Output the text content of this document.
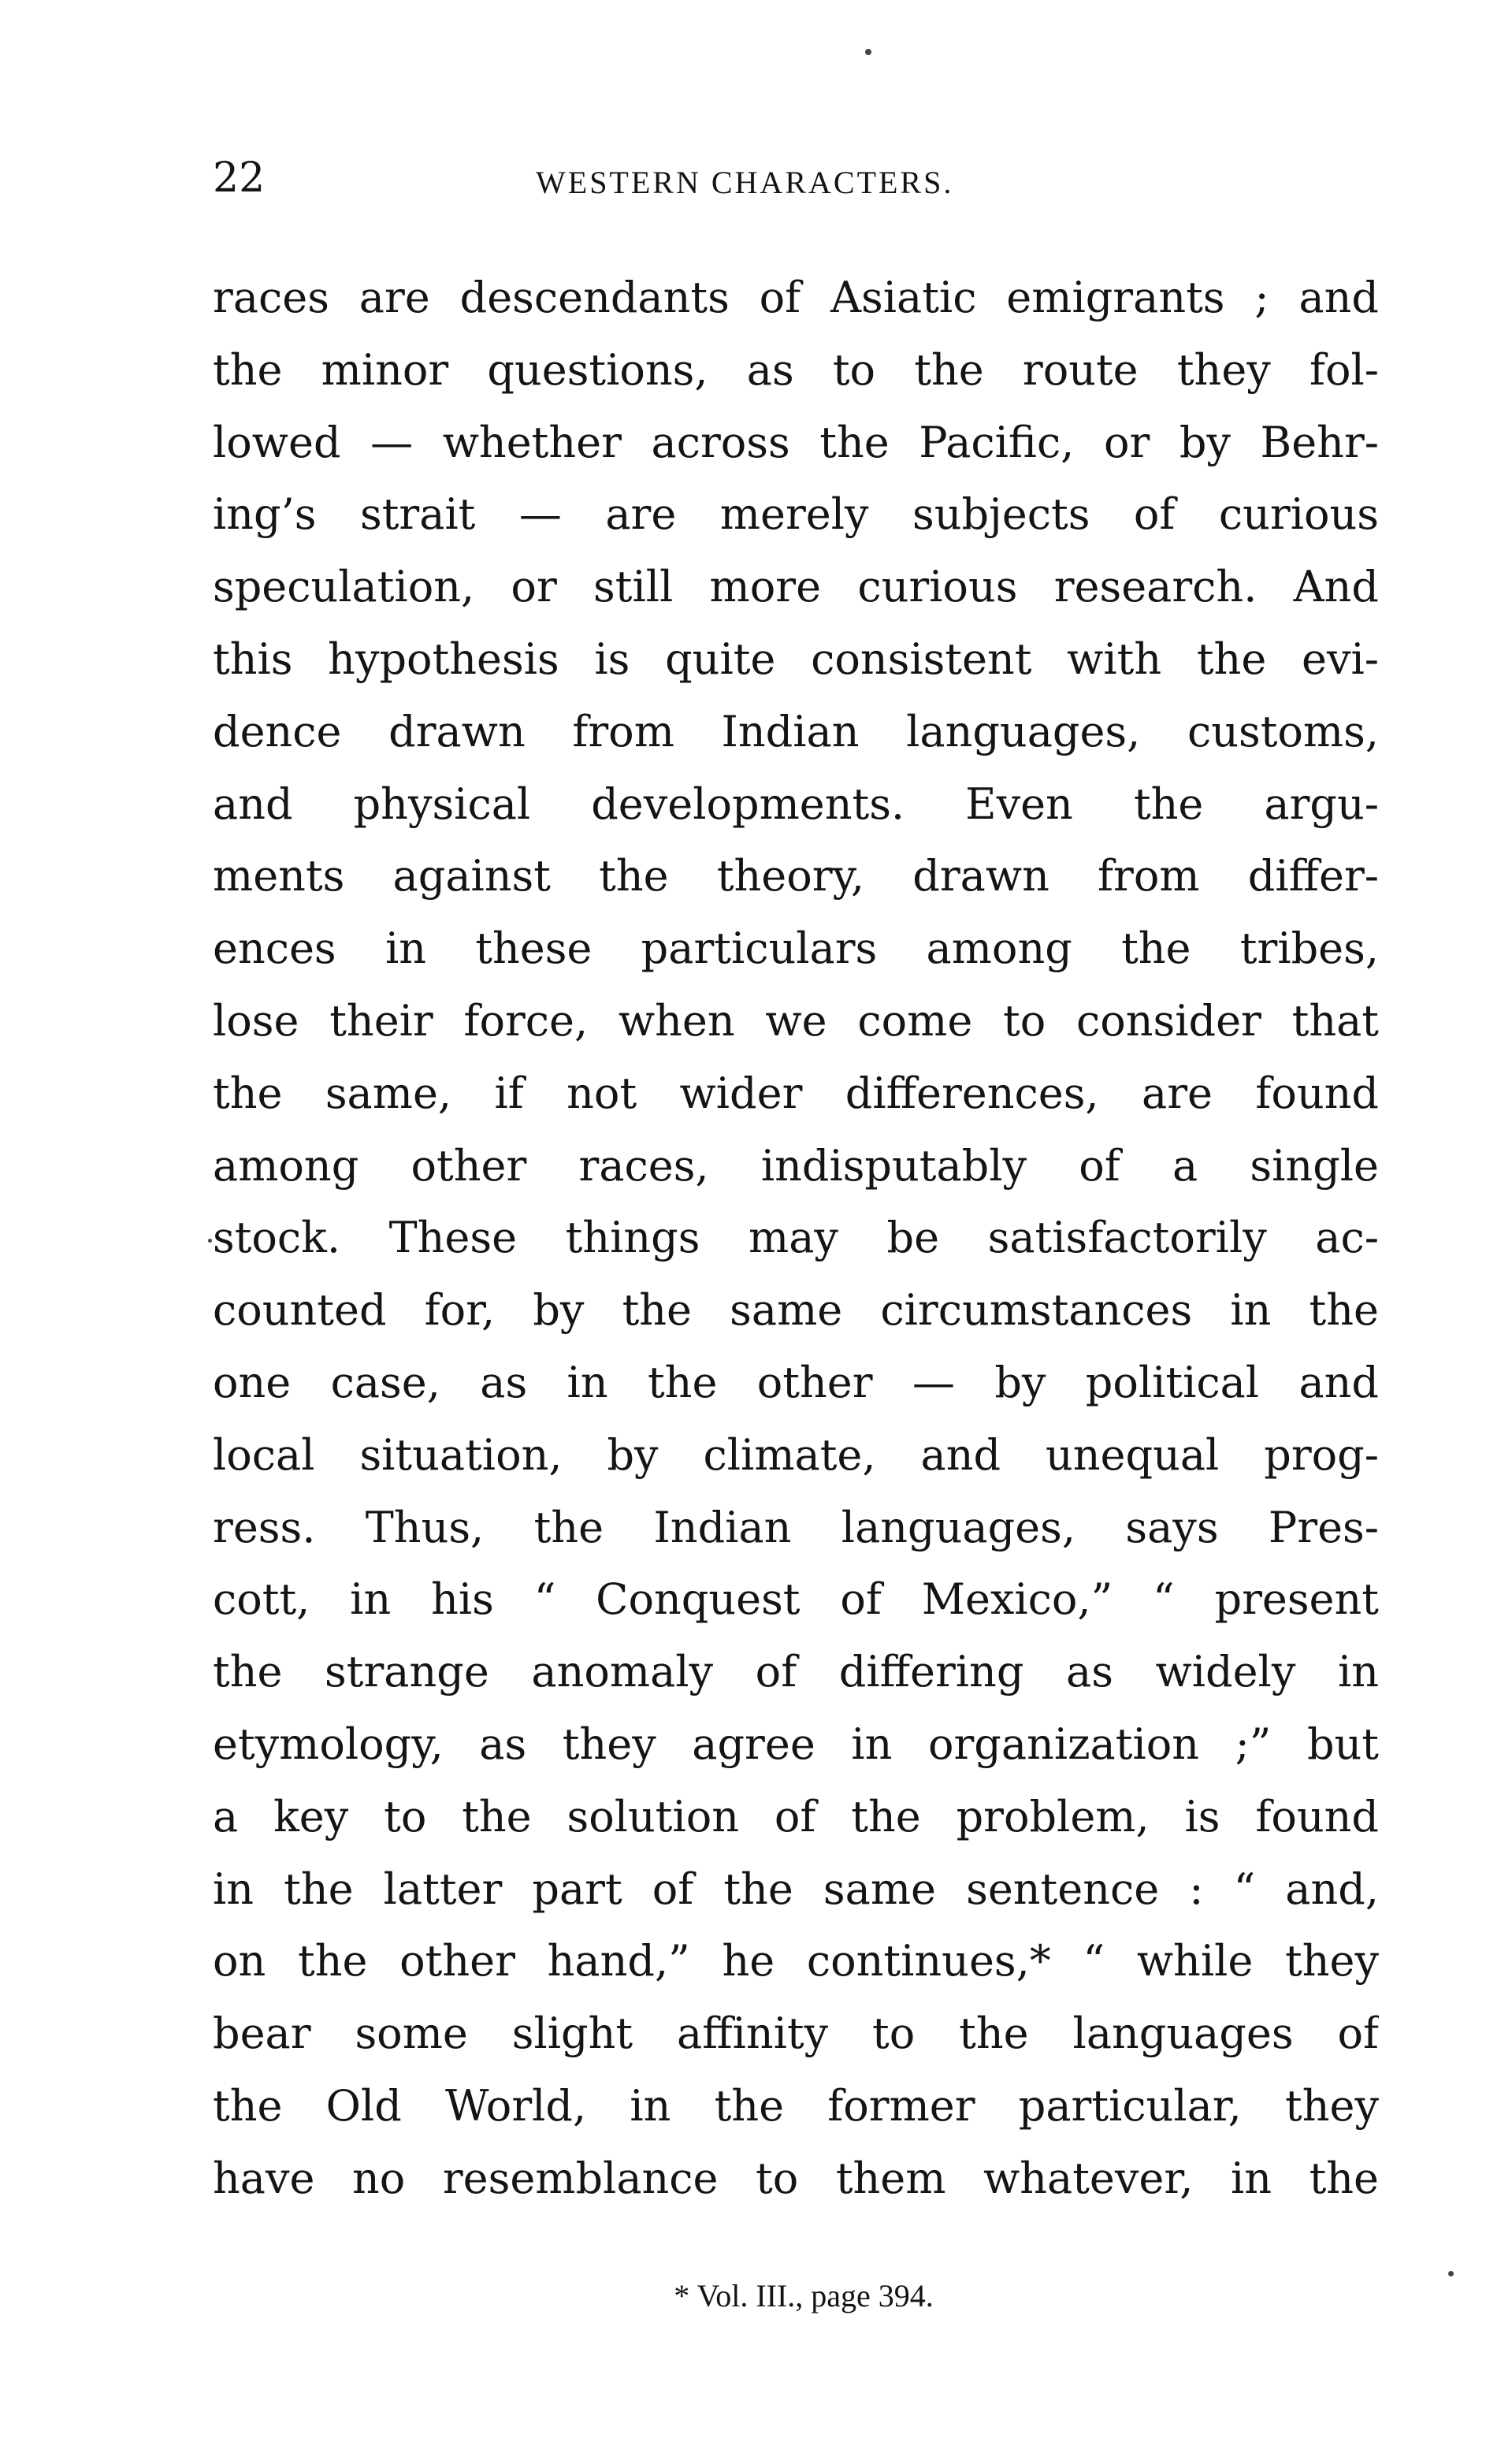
22	WESTERN CHARACTERS.
races are descendants of Asiatic emigrants ; and
the minor questions, as to the route they fol-
lowed — whether across the Pacific, or by Behr-
ing’s strait — are merely subjects of curious
speculation, or still more curious research. And
this hypothesis is quite consistent with the evi-
dence drawn from Indian languages, customs,
and physical developments. Even the argu-
ments against the theory, drawn from differ-
ences in these particulars among the tribes,
lose their force, when we come to consider that
the same, if not wider differences, are found
among other races, indisputably of a single
stock. These things may be satisfactorily ac-
counted for, by the same circumstances in the
one case, as in the other — by political and
local situation, by climate, and unequal prog-
ress. Thus, the Indian languages, says Pres-
cott, in his “ Conquest of Mexico,” “ present
the strange anomaly of differing as widely in
etymology, as they agree in organization ;” but
a key to the solution of the problem, is found
in the latter part of the same sentence : “ and,
on the other hand,” he continues,* “ while they
bear some slight affinity to the languages of
the Old World, in the former particular, they
have no resemblance to them whatever, in the
* Vol. III., page 394.
